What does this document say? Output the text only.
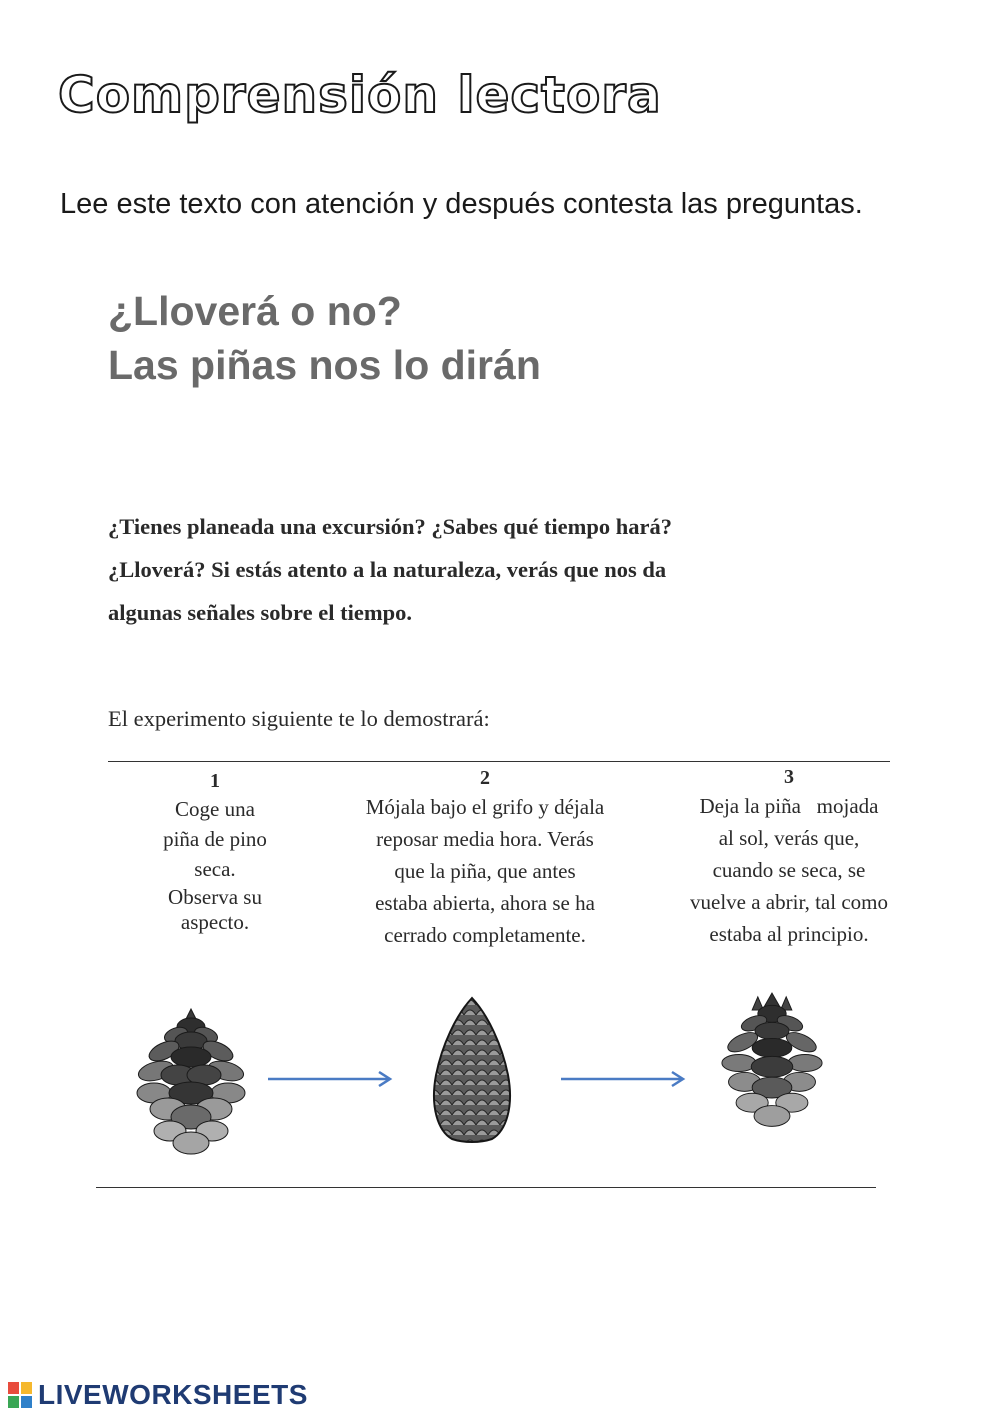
Comprensión lectora

Lee este texto con atención y después contesta las preguntas.

¿Lloverá o no?
Las piñas nos lo dirán

¿Tienes planeada una excursión? ¿Sabes qué tiempo hará?
¿Lloverá? Si estás atento a la naturaleza, verás que nos da
algunas señales sobre el tiempo.

El experimento siguiente te lo demostrará:

1
Coge una
piña de pino
seca.
Observa su
aspecto.
2
Mójala bajo el grifo y déjala
reposar media hora. Verás
que la piña, que antes
estaba abierta, ahora se ha
cerrado completamente.
3
Deja la piña   mojada
al sol, verás que,
cuando se seca, se
vuelve a abrir, tal como
estaba al principio.
LIVEWORKSHEETS
